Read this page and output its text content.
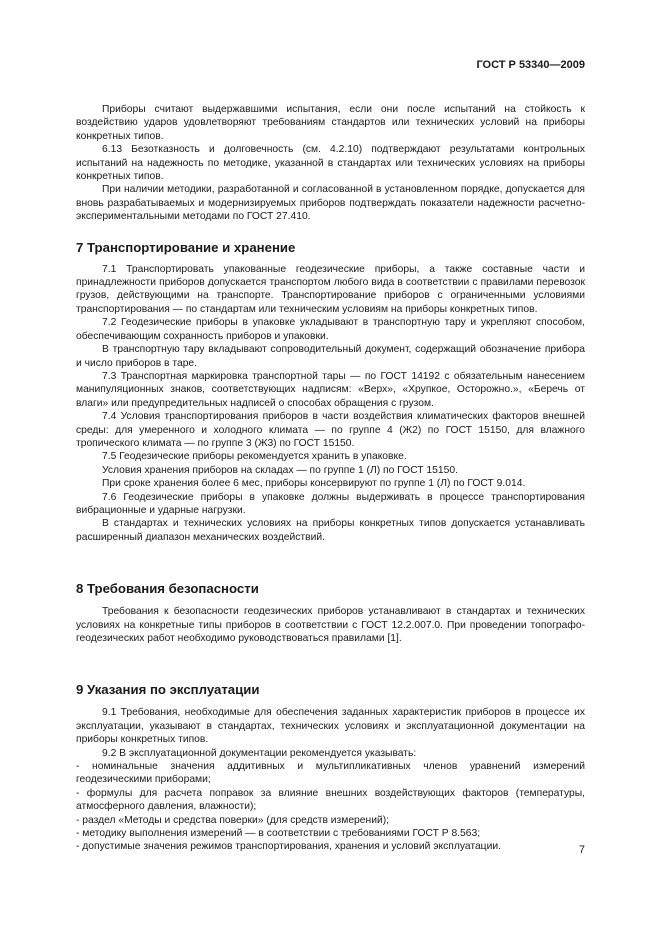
ГОСТ Р 53340—2009

Приборы считают выдержавшими испытания, если они после испытаний на стойкость к воздействию ударов удовлетворяют требованиям стандартов или технических условий на приборы конкретных типов.

6.13 Безотказность и долговечность (см. 4.2.10) подтверждают результатами контрольных испытаний на надежность по методике, указанной в стандартах или технических условиях на приборы конкретных типов.

При наличии методики, разработанной и согласованной в установленном порядке, допускается для вновь разрабатываемых и модернизируемых приборов подтверждать показатели надежности расчетно-экспериментальными методами по ГОСТ 27.410.

7 Транспортирование и хранение

7.1 Транспортировать упакованные геодезические приборы, а также составные части и принадлежности приборов допускается транспортом любого вида в соответствии с правилами перевозок грузов, действующими на транспорте. Транспортирование приборов с ограниченными условиями транспортирования — по стандартам или техническим условиям на приборы конкретных типов.

7.2 Геодезические приборы в упаковке укладывают в транспортную тару и укрепляют способом, обеспечивающим сохранность приборов и упаковки.

В транспортную тару вкладывают сопроводительный документ, содержащий обозначение прибора и число приборов в таре.

7.3 Транспортная маркировка транспортной тары — по ГОСТ 14192 с обязательным нанесением манипуляционных знаков, соответствующих надписям: «Верх», «Хрупкое, Осторожно.», «Беречь от влаги» или предупредительных надписей о способах обращения с грузом.

7.4 Условия транспортирования приборов в части воздействия климатических факторов внешней среды: для умеренного и холодного климата — по группе 4 (Ж2) по ГОСТ 15150, для влажного тропического климата — по группе 3 (Ж3) по ГОСТ 15150.

7.5 Геодезические приборы рекомендуется хранить в упаковке.

Условия хранения приборов на складах — по группе 1 (Л) по ГОСТ 15150.

При сроке хранения более 6 мес, приборы консервируют по группе 1 (Л) по ГОСТ 9.014.

7.6 Геодезические приборы в упаковке должны выдерживать в процессе транспортирования вибрационные и ударные нагрузки.

В стандартах и технических условиях на приборы конкретных типов допускается устанавливать расширенный диапазон механических воздействий.

8 Требования безопасности

Требования к безопасности геодезических приборов устанавливают в стандартах и технических условиях на конкретные типы приборов в соответствии с ГОСТ 12.2.007.0. При проведении топографо-геодезических работ необходимо руководствоваться правилами [1].

9 Указания по эксплуатации

9.1 Требования, необходимые для обеспечения заданных характеристик приборов в процессе их эксплуатации, указывают в стандартах, технических условиях и эксплуатационной документации на приборы конкретных типов.

9.2 В эксплуатационной документации рекомендуется указывать:

- номинальные значения аддитивных и мультипликативных членов уравнений измерений геодезическими приборами;

- формулы для расчета поправок за влияние внешних воздействующих факторов (температуры, атмосферного давления, влажности);

- раздел «Методы и средства поверки» (для средств измерений);

- методику выполнения измерений — в соответствии с требованиями ГОСТ Р 8.563;

- допустимые значения режимов транспортирования, хранения и условий эксплуатации.	7
